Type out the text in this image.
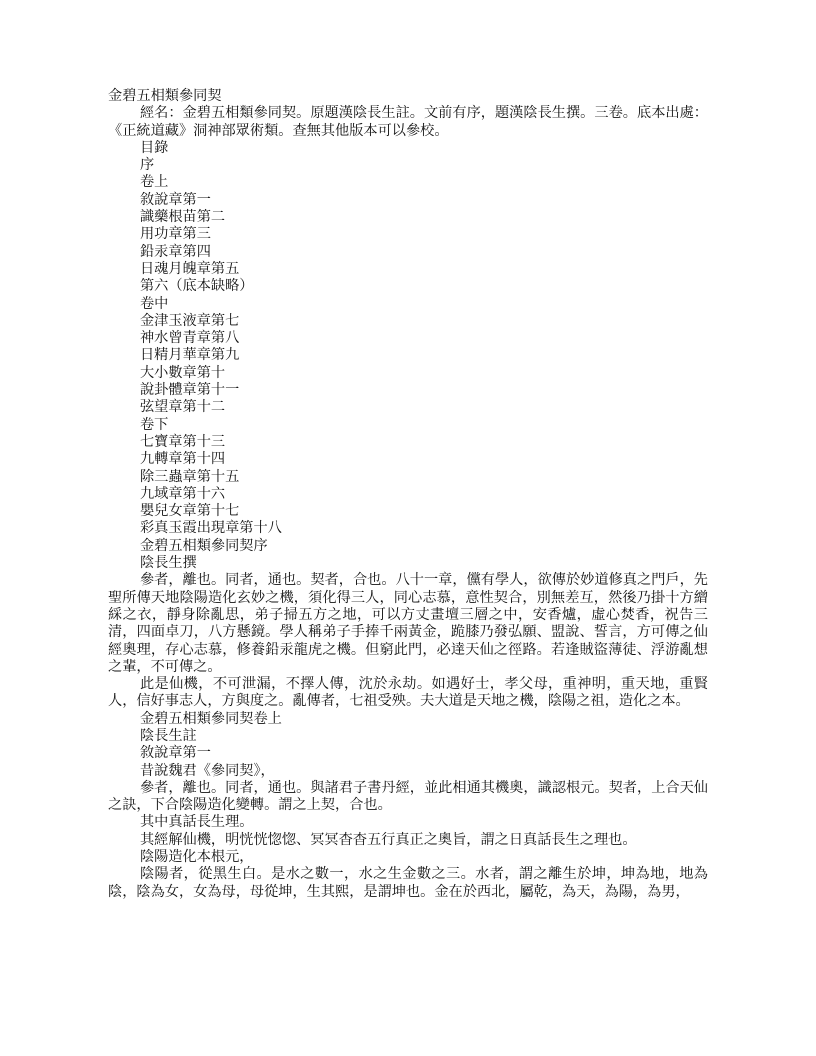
金碧五相類參同契

經名：金碧五相類參同契。原題漢陰長生註。文前有序，題漢陰長生撰。三卷。底本出處：《正統道藏》洞神部眾術類。查無其他版本可以參校。

目錄
序
卷上
敘說章第一
識藥根苗第二
用功章第三
鉛汞章第四
日魂月魄章第五
第六（底本缺略）
卷中
金津玉液章第七
神水曾青章第八
日精月華章第九
大小數章第十
說卦體章第十一
弦望章第十二
卷下
七寶章第十三
九轉章第十四
除三蟲章第十五
九域章第十六
嬰兒女章第十七
彩真玉霞出現章第十八
金碧五相類參同契序
陰長生撰

參者，離也。同者，通也。契者，合也。八十一章，儻有學人，欲傳於妙道修真之門戶，先聖所傳天地陰陽造化玄妙之機，須化得三人，同心志慕，意性契合，別無差互，然後乃掛十方繒綵之衣，靜身除亂思，弟子掃五方之地，可以方丈畫壇三層之中，安香爐，虛心焚香，祝告三清，四面卓刀，八方懸鏡。學人稱弟子手捧千兩黃金，跪膝乃發弘願、盟說、誓言，方可傳之仙經奧理，存心志慕，修養鉛汞龍虎之機。但窮此門，必達天仙之徑路。若逢賊盜薄徒、浮游亂想之輩，不可傳之。

此是仙機，不可泄漏，不擇人傳，沈於永劫。如遇好士，孝父母，重神明，重天地，重賢人，信好事志人，方與度之。亂傳者，七祖受殃。夫大道是天地之機，陰陽之祖，造化之本。

金碧五相類參同契卷上
陰長生註
敘說章第一

昔說魏君《參同契》，

參者，離也。同者，通也。與諸君子書丹經，並此相通其機奧，識認根元。契者，上合天仙之訣，下合陰陽造化變轉。謂之上契，合也。

其中真話長生理。

其經解仙機，明恍恍惚惚、冥冥杳杳五行真正之奧旨，謂之日真話長生之理也。

陰陽造化本根元，

陰陽者，從黑生白。是水之數一，水之生金數之三。水者，謂之離生於坤，坤為地，地為陰，陰為女，女為母，母從坤，生其熙，是謂坤也。金在於西北，屬乾，為天，為陽，為男，
